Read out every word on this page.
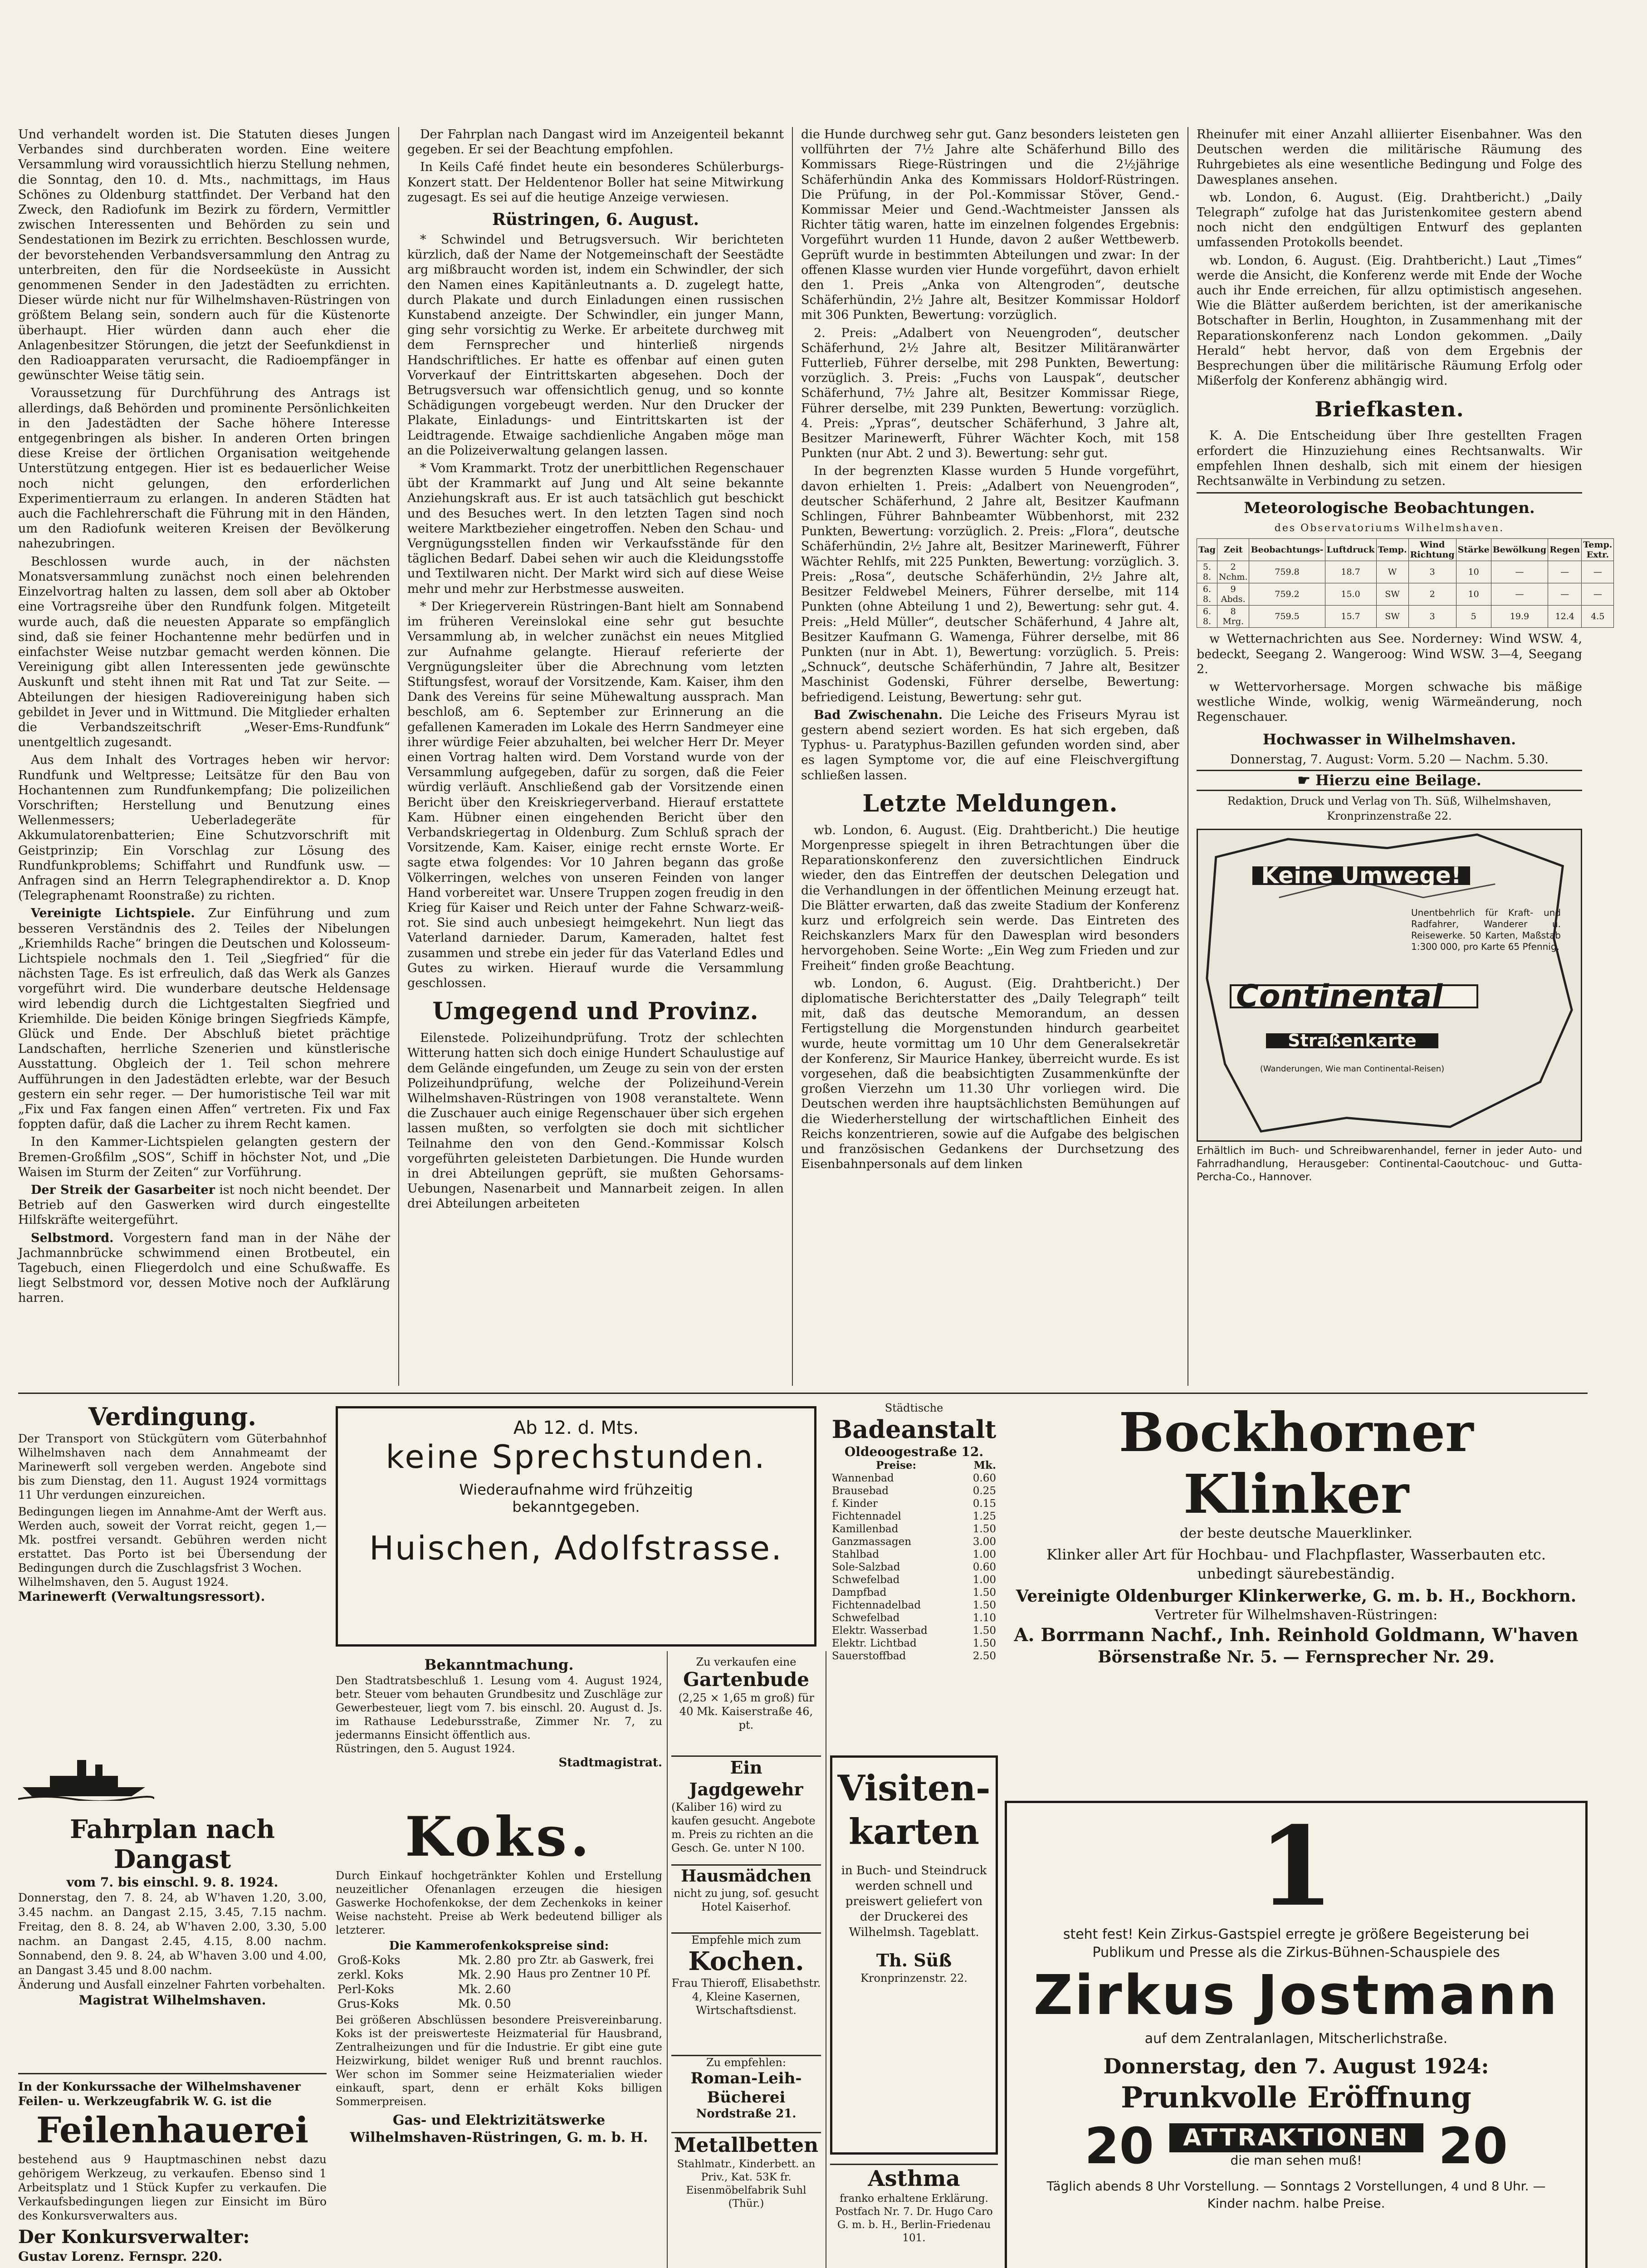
Und verhandelt worden ist. Die Statuten dieses Jungen Verbandes sind durchberaten worden. Eine weitere Versammlung wird voraussichtlich hierzu Stellung nehmen, die Sonntag, den 10. d. Mts., nachmittags, im Haus Schönes zu Oldenburg stattfindet. Der Verband hat den Zweck, den Radiofunk im Bezirk zu fördern, Vermittler zwischen Interessenten und Behörden zu sein und Sendestationen im Bezirk zu errichten. Beschlossen wurde, der bevorstehenden Verbandsversammlung den Antrag zu unterbreiten, den für die Nordseeküste in Aussicht genommenen Sender in den Jadestädten zu errichten. Dieser würde nicht nur für Wilhelmshaven-Rüstringen von größtem Belang sein, sondern auch für die Küstenorte überhaupt. Hier würden dann auch eher die Anlagenbesitzer Störungen, die jetzt der Seefunkdienst in den Radioapparaten verursacht, die Radioempfänger in gewünschter Weise tätig sein.

Voraussetzung für Durchführung des Antrags ist allerdings, daß Behörden und prominente Persönlichkeiten in den Jadestädten der Sache höhere Interesse entgegenbringen als bisher. In anderen Orten bringen diese Kreise der örtlichen Organisation weitgehende Unterstützung entgegen. Hier ist es bedauerlicher Weise noch nicht gelungen, den erforderlichen Experimentierraum zu erlangen. In anderen Städten hat auch die Fachlehrerschaft die Führung mit in den Händen, um den Radiofunk weiteren Kreisen der Bevölkerung nahezubringen.

Beschlossen wurde auch, in der nächsten Monatsversammlung zunächst noch einen belehrenden Einzelvortrag halten zu lassen, dem soll aber ab Oktober eine Vortragsreihe über den Rundfunk folgen. Mitgeteilt wurde auch, daß die neuesten Apparate so empfänglich sind, daß sie feiner Hochantenne mehr bedürfen und in einfachster Weise nutzbar gemacht werden können. Die Vereinigung gibt allen Interessenten jede gewünschte Auskunft und steht ihnen mit Rat und Tat zur Seite. — Abteilungen der hiesigen Radiovereinigung haben sich gebildet in Jever und in Wittmund. Die Mitglieder erhalten die Verbandszeitschrift „Weser-Ems-Rundfunk“ unentgeltlich zugesandt.

Aus dem Inhalt des Vortrages heben wir hervor: Rundfunk und Weltpresse; Leitsätze für den Bau von Hochantennen zum Rundfunkempfang; Die polizeilichen Vorschriften; Herstellung und Benutzung eines Wellenmessers; Ueberladegeräte für Akkumulatorenbatterien; Eine Schutzvorschrift mit Geistprinzip; Ein Vorschlag zur Lösung des Rundfunkproblems; Schiffahrt und Rundfunk usw. — Anfragen sind an Herrn Telegraphendirektor a. D. Knop (Telegraphenamt Roonstraße) zu richten.

Vereinigte Lichtspiele. Zur Einführung und zum besseren Verständnis des 2. Teiles der Nibelungen „Kriemhilds Rache“ bringen die Deutschen und Kolosseum-Lichtspiele nochmals den 1. Teil „Siegfried“ für die nächsten Tage. Es ist erfreulich, daß das Werk als Ganzes vorgeführt wird. Die wunderbare deutsche Heldensage wird lebendig durch die Lichtgestalten Siegfried und Kriemhilde. Die beiden Könige bringen Siegfrieds Kämpfe, Glück und Ende. Der Abschluß bietet prächtige Landschaften, herrliche Szenerien und künstlerische Ausstattung. Obgleich der 1. Teil schon mehrere Aufführungen in den Jadestädten erlebte, war der Besuch gestern ein sehr reger. — Der humoristische Teil war mit „Fix und Fax fangen einen Affen“ vertreten. Fix und Fax foppten dafür, daß die Lacher zu ihrem Recht kamen.

In den Kammer-Lichtspielen gelangten gestern der Bremen-Großfilm „SOS“, Schiff in höchster Not, und „Die Waisen im Sturm der Zeiten“ zur Vorführung.

Der Streik der Gasarbeiter ist noch nicht beendet. Der Betrieb auf den Gaswerken wird durch eingestellte Hilfskräfte weitergeführt.

Selbstmord. Vorgestern fand man in der Nähe der Jachmannbrücke schwimmend einen Brotbeutel, ein Tagebuch, einen Fliegerdolch und eine Schußwaffe. Es liegt Selbstmord vor, dessen Motive noch der Aufklärung harren.

Der Fahrplan nach Dangast wird im Anzeigenteil bekannt gegeben. Er sei der Beachtung empfohlen.

In Keils Café findet heute ein besonderes Schülerburgs-Konzert statt. Der Heldentenor Boller hat seine Mitwirkung zugesagt. Es sei auf die heutige Anzeige verwiesen.

Rüstringen, 6. August.

* Schwindel und Betrugsversuch. Wir berichteten kürzlich, daß der Name der Notgemeinschaft der Seestädte arg mißbraucht worden ist, indem ein Schwindler, der sich den Namen eines Kapitänleutnants a. D. zugelegt hatte, durch Plakate und durch Einladungen einen russischen Kunstabend anzeigte. Der Schwindler, ein junger Mann, ging sehr vorsichtig zu Werke. Er arbeitete durchweg mit dem Fernsprecher und hinterließ nirgends Handschriftliches. Er hatte es offenbar auf einen guten Vorverkauf der Eintrittskarten abgesehen. Doch der Betrugsversuch war offensichtlich genug, und so konnte Schädigungen vorgebeugt werden. Nur den Drucker der Plakate, Einladungs- und Eintrittskarten ist der Leidtragende. Etwaige sachdienliche Angaben möge man an die Polizeiverwaltung gelangen lassen.

* Vom Krammarkt. Trotz der unerbittlichen Regenschauer übt der Krammarkt auf Jung und Alt seine bekannte Anziehungskraft aus. Er ist auch tatsächlich gut beschickt und des Besuches wert. In den letzten Tagen sind noch weitere Marktbezieher eingetroffen. Neben den Schau- und Vergnügungsstellen finden wir Verkaufsstände für den täglichen Bedarf. Dabei sehen wir auch die Kleidungsstoffe und Textilwaren nicht. Der Markt wird sich auf diese Weise mehr und mehr zur Herbstmesse ausweiten.

* Der Kriegerverein Rüstringen-Bant hielt am Sonnabend im früheren Vereinslokal eine sehr gut besuchte Versammlung ab, in welcher zunächst ein neues Mitglied zur Aufnahme gelangte. Hierauf referierte der Vergnügungsleiter über die Abrechnung vom letzten Stiftungsfest, worauf der Vorsitzende, Kam. Kaiser, ihm den Dank des Vereins für seine Mühewaltung aussprach. Man beschloß, am 6. September zur Erinnerung an die gefallenen Kameraden im Lokale des Herrn Sandmeyer eine ihrer würdige Feier abzuhalten, bei welcher Herr Dr. Meyer einen Vortrag halten wird. Dem Vorstand wurde von der Versammlung aufgegeben, dafür zu sorgen, daß die Feier würdig verläuft. Anschließend gab der Vorsitzende einen Bericht über den Kreiskriegerverband. Hierauf erstattete Kam. Hübner einen eingehenden Bericht über den Verbandskriegertag in Oldenburg. Zum Schluß sprach der Vorsitzende, Kam. Kaiser, einige recht ernste Worte. Er sagte etwa folgendes: Vor 10 Jahren begann das große Völkerringen, welches von unseren Feinden von langer Hand vorbereitet war. Unsere Truppen zogen freudig in den Krieg für Kaiser und Reich unter der Fahne Schwarz-weiß-rot. Sie sind auch unbesiegt heimgekehrt. Nun liegt das Vaterland darnieder. Darum, Kameraden, haltet fest zusammen und strebe ein jeder für das Vaterland Edles und Gutes zu wirken. Hierauf wurde die Versammlung geschlossen.

Umgegend und Provinz.

Eilenstede. Polizeihundprüfung. Trotz der schlechten Witterung hatten sich doch einige Hundert Schaulustige auf dem Gelände eingefunden, um Zeuge zu sein von der ersten Polizeihundprüfung, welche der Polizeihund-Verein Wilhelmshaven-Rüstringen von 1908 veranstaltete. Wenn die Zuschauer auch einige Regenschauer über sich ergehen lassen mußten, so verfolgten sie doch mit sichtlicher Teilnahme den von den Gend.-Kommissar Kolsch vorgeführten geleisteten Darbietungen. Die Hunde wurden in drei Abteilungen geprüft, sie mußten Gehorsams-Uebungen, Nasenarbeit und Mannarbeit zeigen. In allen drei Abteilungen arbeiteten

die Hunde durchweg sehr gut. Ganz besonders leisteten gen vollführten der 7½ Jahre alte Schäferhund Billo des Kommissars Riege-Rüstringen und die 2½jährige Schäferhündin Anka des Kommissars Holdorf-Rüstringen. Die Prüfung, in der Pol.-Kommissar Stöver, Gend.-Kommissar Meier und Gend.-Wachtmeister Janssen als Richter tätig waren, hatte im einzelnen folgendes Ergebnis: Vorgeführt wurden 11 Hunde, davon 2 außer Wettbewerb. Geprüft wurde in bestimmten Abteilungen und zwar: In der offenen Klasse wurden vier Hunde vorgeführt, davon erhielt den 1. Preis „Anka von Altengroden“, deutsche Schäferhündin, 2½ Jahre alt, Besitzer Kommissar Holdorf mit 306 Punkten, Bewertung: vorzüglich.

2. Preis: „Adalbert von Neuengroden“, deutscher Schäferhund, 2½ Jahre alt, Besitzer Militäranwärter Futterlieb, Führer derselbe, mit 298 Punkten, Bewertung: vorzüglich. 3. Preis: „Fuchs von Lauspak“, deutscher Schäferhund, 7½ Jahre alt, Besitzer Kommissar Riege, Führer derselbe, mit 239 Punkten, Bewertung: vorzüglich. 4. Preis: „Ypras“, deutscher Schäferhund, 3 Jahre alt, Besitzer Marinewerft, Führer Wächter Koch, mit 158 Punkten (nur Abt. 2 und 3). Bewertung: sehr gut.

In der begrenzten Klasse wurden 5 Hunde vorgeführt, davon erhielten 1. Preis: „Adalbert von Neuengroden“, deutscher Schäferhund, 2 Jahre alt, Besitzer Kaufmann Schlingen, Führer Bahnbeamter Wübbenhorst, mit 232 Punkten, Bewertung: vorzüglich. 2. Preis: „Flora“, deutsche Schäferhündin, 2½ Jahre alt, Besitzer Marinewerft, Führer Wächter Rehlfs, mit 225 Punkten, Bewertung: vorzüglich. 3. Preis: „Rosa“, deutsche Schäferhündin, 2½ Jahre alt, Besitzer Feldwebel Meiners, Führer derselbe, mit 114 Punkten (ohne Abteilung 1 und 2), Bewertung: sehr gut. 4. Preis: „Held Müller“, deutscher Schäferhund, 4 Jahre alt, Besitzer Kaufmann G. Wamenga, Führer derselbe, mit 86 Punkten (nur in Abt. 1), Bewertung: vorzüglich. 5. Preis: „Schnuck“, deutsche Schäferhündin, 7 Jahre alt, Besitzer Maschinist Godenski, Führer derselbe, Bewertung: befriedigend. Leistung, Bewertung: sehr gut.

Bad Zwischenahn. Die Leiche des Friseurs Myrau ist gestern abend seziert worden. Es hat sich ergeben, daß Typhus- u. Paratyphus-Bazillen gefunden worden sind, aber es lagen Symptome vor, die auf eine Fleischvergiftung schließen lassen.

Letzte Meldungen.

wb. London, 6. August. (Eig. Drahtbericht.) Die heutige Morgenpresse spiegelt in ihren Betrachtungen über die Reparationskonferenz den zuversichtlichen Eindruck wieder, den das Eintreffen der deutschen Delegation und die Verhandlungen in der öffentlichen Meinung erzeugt hat. Die Blätter erwarten, daß das zweite Stadium der Konferenz kurz und erfolgreich sein werde. Das Eintreten des Reichskanzlers Marx für den Dawesplan wird besonders hervorgehoben. Seine Worte: „Ein Weg zum Frieden und zur Freiheit“ finden große Beachtung.

wb. London, 6. August. (Eig. Drahtbericht.) Der diplomatische Berichterstatter des „Daily Telegraph“ teilt mit, daß das deutsche Memorandum, an dessen Fertigstellung die Morgenstunden hindurch gearbeitet wurde, heute vormittag um 10 Uhr dem Generalsekretär der Konferenz, Sir Maurice Hankey, überreicht wurde. Es ist vorgesehen, daß die beabsichtigten Zusammenkünfte der großen Vierzehn um 11.30 Uhr vorliegen wird. Die Deutschen werden ihre hauptsächlichsten Bemühungen auf die Wiederherstellung der wirtschaftlichen Einheit des Reichs konzentrieren, sowie auf die Aufgabe des belgischen und französischen Gedankens der Durchsetzung des Eisenbahnpersonals auf dem linken

Rheinufer mit einer Anzahl alliierter Eisenbahner. Was den Deutschen werden die militärische Räumung des Ruhrgebietes als eine wesentliche Bedingung und Folge des Dawesplanes ansehen.

wb. London, 6. August. (Eig. Drahtbericht.) „Daily Telegraph“ zufolge hat das Juristenkomitee gestern abend noch nicht den endgültigen Entwurf des geplanten umfassenden Protokolls beendet.

wb. London, 6. August. (Eig. Drahtbericht.) Laut „Times“ werde die Ansicht, die Konferenz werde mit Ende der Woche auch ihr Ende erreichen, für allzu optimistisch angesehen. Wie die Blätter außerdem berichten, ist der amerikanische Botschafter in Berlin, Houghton, in Zusammenhang mit der Reparationskonferenz nach London gekommen. „Daily Herald“ hebt hervor, daß von dem Ergebnis der Besprechungen über die militärische Räumung Erfolg oder Mißerfolg der Konferenz abhängig wird.

Briefkasten.

K. A. Die Entscheidung über Ihre gestellten Fragen erfordert die Hinzuziehung eines Rechtsanwalts. Wir empfehlen Ihnen deshalb, sich mit einem der hiesigen Rechtsanwälte in Verbindung zu setzen.

Meteorologische Beobachtungen.
des Observatoriums Wilhelmshaven.
Tag	Zeit	Beobachtungs-	Luftdruck	Temp.	Wind Richtung	Stärke	Bewölkung	Regen	Temp. Extr.
5. 8.	2 Nchm.	759.8	18.7	W	3	10	—	—	—
6. 8.	9 Abds.	759.2	15.0	SW	2	10	—	—	—
6. 8.	8 Mrg.	759.5	15.7	SW	3	5	19.9	12.4	4.5

w Wetternachrichten aus See. Norderney: Wind WSW. 4, bedeckt, Seegang 2. Wangeroog: Wind WSW. 3—4, Seegang 2.

w Wettervorhersage. Morgen schwache bis mäßige westliche Winde, wolkig, wenig Wärmeänderung, noch Regenschauer.

Hochwasser in Wilhelmshaven.

Donnerstag, 7. August: Vorm. 5.20 — Nachm. 5.30.

☛ Hierzu eine Beilage.

Redaktion, Druck und Verlag von Th. Süß, Wilhelmshaven, Kronprinzenstraße 22.

Keine Umwege!
Unentbehrlich für Kraft- und Radfahrer, Wanderer u. Reisewerke. 50 Karten, Maßstab 1:300 000, pro Karte 65 Pfennig.
Continental
Straßenkarte
(Wanderungen, Wie man Continental-Reisen)

Erhältlich im Buch- und Schreibwarenhandel, ferner in jeder Auto- und Fahrradhandlung, Herausgeber: Continental-Caoutchouc- und Gutta-Percha-Co., Hannover.

Verdingung.
Der Transport von Stückgütern vom Güterbahnhof Wilhelmshaven nach dem Annahmeamt der Marinewerft soll vergeben werden. Angebote sind bis zum Dienstag, den 11. August 1924 vormittags 11 Uhr verdungen einzureichen.
Bedingungen liegen im Annahme-Amt der Werft aus. Werden auch, soweit der Vorrat reicht, gegen 1,— Mk. postfrei versandt. Gebühren werden nicht erstattet. Das Porto ist bei Übersendung der Bedingungen durch die Zuschlagsfrist 3 Wochen.
Wilhelmshaven, den 5. August 1924.
Marinewerft (Verwaltungsressort).
Fahrplan nach Dangast
vom 7. bis einschl. 9. 8. 1924.
Donnerstag, den 7. 8. 24, ab W'haven 1.20, 3.00, 3.45 nachm. an Dangast 2.15, 3.45, 7.15 nachm. Freitag, den 8. 8. 24, ab W'haven 2.00, 3.30, 5.00 nachm. an Dangast 2.45, 4.15, 8.00 nachm. Sonnabend, den 9. 8. 24, ab W'haven 3.00 und 4.00, an Dangast 3.45 und 8.00 nachm.
Änderung und Ausfall einzelner Fahrten vorbehalten.
Magistrat Wilhelmshaven.
In der Konkurssache der Wilhelmshavener Feilen- u. Werkzeugfabrik W. G. ist die
Feilenhauerei
bestehend aus 9 Hauptmaschinen nebst dazu gehörigem Werkzeug, zu verkaufen. Ebenso sind 1 Arbeitsplatz und 1 Stück Kupfer zu verkaufen. Die Verkaufsbedingungen liegen zur Einsicht im Büro des Konkursverwalters aus.
Der Konkursverwalter:
Gustav Lorenz. Fernspr. 220.
Ab 12. d. Mts.
keine Sprechstunden.
Wiederaufnahme wird frühzeitig bekanntgegeben.
Huischen, Adolfstrasse.
Bekanntmachung.
Den Stadtratsbeschluß 1. Lesung vom 4. August 1924, betr. Steuer vom behauten Grundbesitz und Zuschläge zur Gewerbesteuer, liegt vom 7. bis einschl. 20. August d. Js. im Rathause Ledebursstraße, Zimmer Nr. 7, zu jedermanns Einsicht öffentlich aus.
Rüstringen, den 5. August 1924.
Stadtmagistrat.
Koks.
Durch Einkauf hochgetränkter Kohlen und Erstellung neuzeitlicher Ofenanlagen erzeugen die hiesigen Gaswerke Hochofenkokse, der dem Zechenkoks in keiner Weise nachsteht. Preise ab Werk bedeutend billiger als letzterer.
Die Kammerofenkokspreise sind:
Groß-Koks	Mk. 2.80
zerkl. Koks	Mk. 2.90
Perl-Koks	Mk. 2.60
Grus-Koks	Mk. 0.50
pro Ztr. ab Gaswerk, frei Haus pro Zentner 10 Pf.
Bei größeren Abschlüssen besondere Preisvereinbarung. Koks ist der preiswerteste Heizmaterial für Hausbrand, Zentralheizungen und für die Industrie. Er gibt eine gute Heizwirkung, bildet weniger Ruß und brennt rauchlos. Wer schon im Sommer seine Heizmaterialien wieder einkauft, spart, denn er erhält Koks billigen Sommerpreisen.
Gas- und Elektrizitätswerke Wilhelmshaven-Rüstringen, G. m. b. H.
Zu verkaufen eine
Gartenbude
(2,25 × 1,65 m groß) für 40 Mk. Kaiserstraße 46, pt.
Ein Jagdgewehr
(Kaliber 16) wird zu kaufen gesucht. Angebote m. Preis zu richten an die Gesch. Ge. unter N 100.
Hausmädchen
nicht zu jung, sof. gesucht Hotel Kaiserhof.
Empfehle mich zum
Kochen.
Frau Thieroff, Elisabethstr. 4, Kleine Kasernen, Wirtschaftsdienst.
Zu empfehlen:
Roman-Leih-Bücherei
Nordstraße 21.
Metallbetten
Stahlmatr., Kinderbett. an Priv., Kat. 53K fr. Eisenmöbelfabrik Suhl (Thür.)
Visiten-karten
in Buch- und Steindruck werden schnell und preiswert geliefert von der Druckerei des Wilhelmsh. Tageblatt.
Th. Süß
Kronprinzenstr. 22.
Asthma
franko erhaltene Erklärung. Postfach Nr. 7. Dr. Hugo Caro G. m. b. H., Berlin-Friedenau 101.
Städtische
Badeanstalt
Oldeoogestraße 12.
Preise:	Mk.
Wannenbad	0.60
Brausebad	0.25
f. Kinder	0.15
Fichtennadel	1.25
Kamillenbad	1.50
Ganzmassagen	3.00
Stahlbad	1.00
Sole-Salzbad	0.60
Schwefelbad	1.00
Dampfbad	1.50
Fichtennadelbad	1.50
Schwefelbad	1.10
Elektr. Wasserbad	1.50
Elektr. Lichtbad	1.50
Sauerstoffbad	2.50
Bockhorner Klinker
der beste deutsche Mauerklinker.
Klinker aller Art für Hochbau- und Flachpflaster, Wasserbauten etc. unbedingt säurebeständig.
Vereinigte Oldenburger Klinkerwerke, G. m. b. H., Bockhorn.
Vertreter für Wilhelmshaven-Rüstringen:
A. Borrmann Nachf., Inh. Reinhold Goldmann, W'haven
Börsenstraße Nr. 5. — Fernsprecher Nr. 29.
1
steht fest! Kein Zirkus-Gastspiel erregte je größere Begeisterung bei Publikum und Presse als die Zirkus-Bühnen-Schauspiele des
Zirkus Jostmann
auf dem Zentralanlagen, Mitscherlichstraße.
Donnerstag, den 7. August 1924:
Prunkvolle Eröffnung
20	ATTRAKTIONEN
die man sehen muß!	20
Täglich abends 8 Uhr Vorstellung. — Sonntags 2 Vorstellungen, 4 und 8 Uhr. — Kinder nachm. halbe Preise.
